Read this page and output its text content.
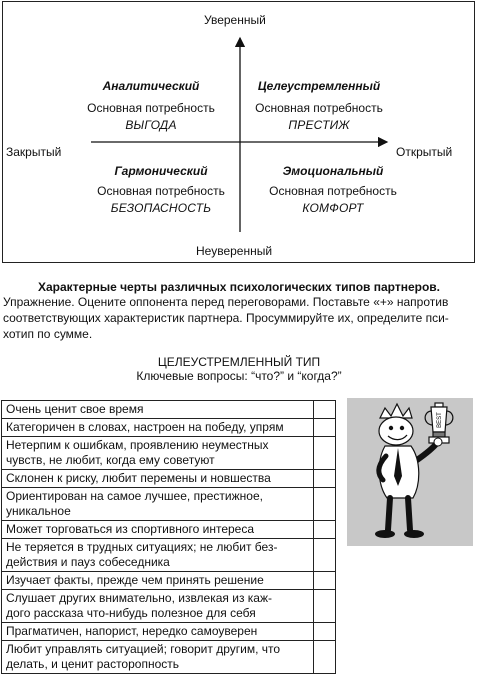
Уверенный
Неуверенный
Закрытый	Открытый
Аналитический
Основная потребность
ВЫГОДА
Целеустремленный
Основная потребность
ПРЕСТИЖ
Гармонический
Основная потребность
БЕЗОПАСНОСТЬ
Эмоциональный
Основная потребность
КОМФОРТ
Характерные черты различных психологических типов партнеров.
Упражнение. Оцените оппонента перед переговорами. Поставьте «+» напротив
соответствующих характеристик партнера. Просуммируйте их, определите пси-
хотип по сумме.
ЦЕЛЕУСТРЕМЛЕННЫЙ ТИП
Ключевые вопросы: “что?” и “когда?”
Очень ценит свое время	

Категоричен в словах, настроен на победу, упрям	

Нетерпим к ошибкам, проявлению неуместных
чувств, не любит, когда ему советуют	

Склонен к риску, любит перемены и новшества	

Ориентирован на самое лучшее, престижное,
уникальное	

Может торговаться из спортивного интереса	

Не теряется в трудных ситуациях; не любит без-
действия и пауз собеседника	

Изучает факты, прежде чем принять решение	

Слушает других внимательно, извлекая из каж-
дого рассказа что-нибудь полезное для себя	

Прагматичен, напорист, нередко самоуверен	

Любит управлять ситуацией; говорит другим, что
делать, и ценит расторопность	

BEST
